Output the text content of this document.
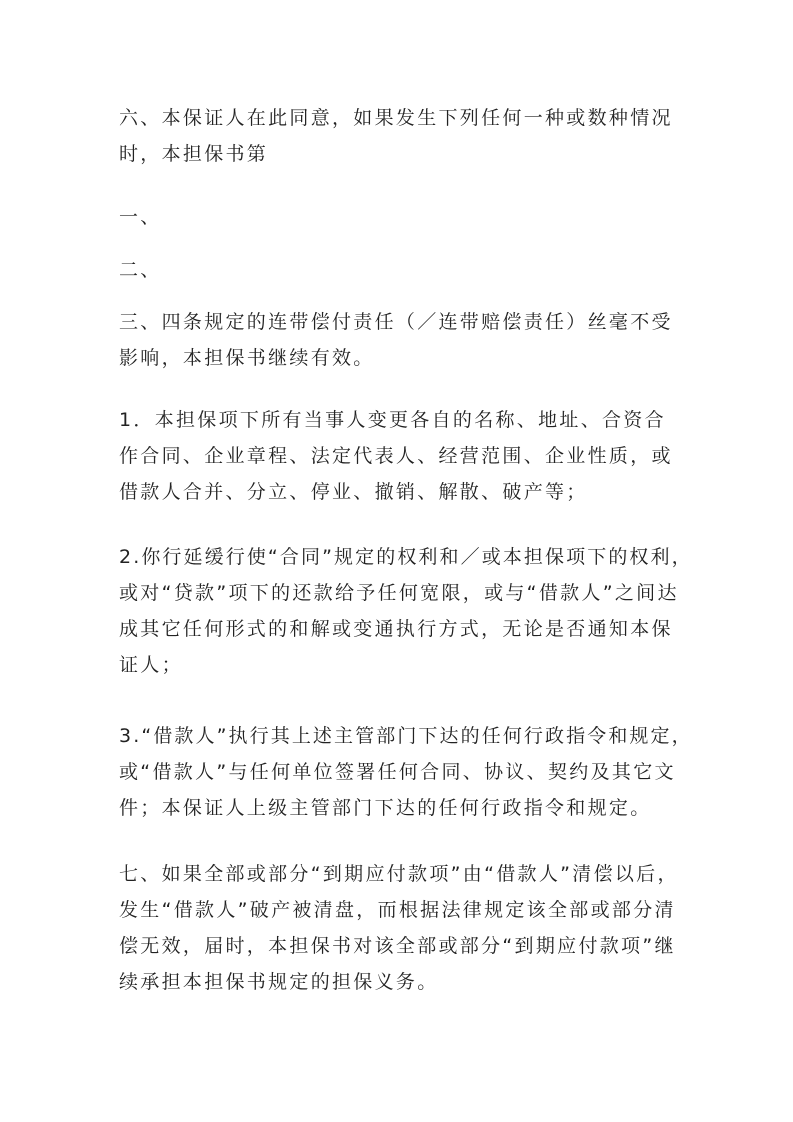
六、本保证人在此同意，如果发生下列任何一种或数种情况
时，本担保书第
一、
二、
三、四条规定的连带偿付责任（／连带赔偿责任）丝毫不受
影响，本担保书继续有效。
1．本担保项下所有当事人变更各自的名称、地址、合资合
作合同、企业章程、法定代表人、经营范围、企业性质，或
借款人合并、分立、停业、撤销、解散、破产等；
2.你行延缓行使“合同”规定的权利和／或本担保项下的权利，
或对“贷款”项下的还款给予任何宽限，或与“借款人”之间达
成其它任何形式的和解或变通执行方式，无论是否通知本保
证人；
3.“借款人”执行其上述主管部门下达的任何行政指令和规定，
或“借款人”与任何单位签署任何合同、协议、契约及其它文
件；本保证人上级主管部门下达的任何行政指令和规定。
七、如果全部或部分“到期应付款项”由“借款人”清偿以后，
发生“借款人”破产被清盘，而根据法律规定该全部或部分清
偿无效，届时，本担保书对该全部或部分“到期应付款项”继
续承担本担保书规定的担保义务。
